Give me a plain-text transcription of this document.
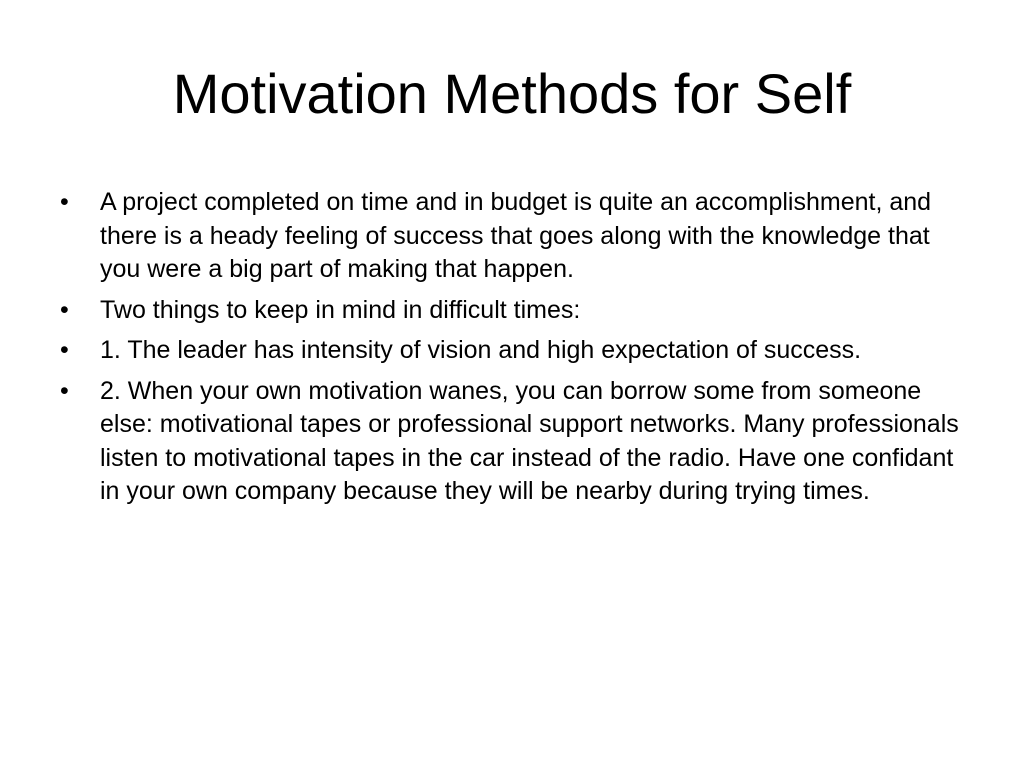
Motivation Methods for Self
•	A project completed on time and in budget is quite an accomplishment, and there is a heady feeling of success that goes along with the knowledge that you were a big part of making that happen.
•	Two things to keep in mind in difficult times:
•	1. The leader has intensity of vision and high expectation of success.
•	2. When your own motivation wanes, you can borrow some from someone else: motivational tapes or professional support networks. Many professionals listen to motivational tapes in the car instead of the radio. Have one confidant in your own company because they will be nearby during trying times.
